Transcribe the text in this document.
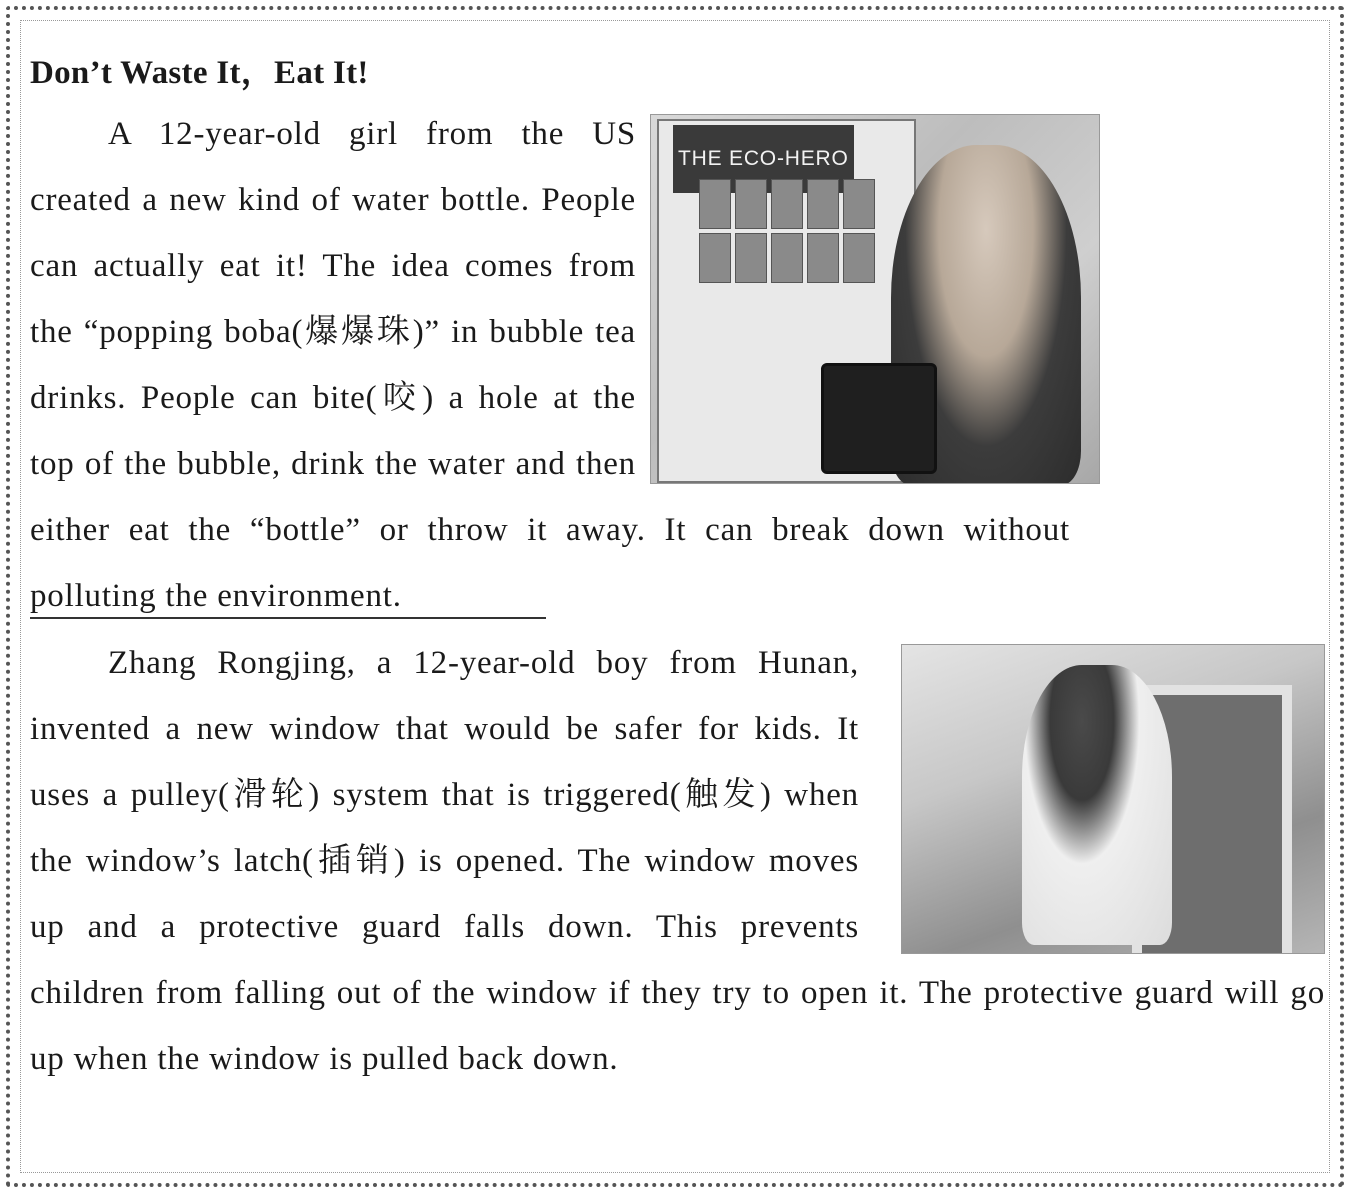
Don’t Waste It，Eat It!
THE ECO-HERO
A 12-year-old girl from the US created a new kind of water bottle. People can actually eat it! The idea comes from the “popping boba(爆爆珠)” in bubble tea drinks. People can bite(咬) a hole at the top of the bubble, drink the water and then either eat the “bottle” or throw it away. It can break down without polluting the environment.
Zhang Rongjing, a 12-year-old boy from Hunan, invented a new window that would be safer for kids. It uses a pulley(滑轮) system that is triggered(触发) when the window’s latch(插销) is opened. The window moves up and a protective guard falls down. This prevents children from falling out of the window if they try to open it. The protective guard will go up when the window is pulled back down.
